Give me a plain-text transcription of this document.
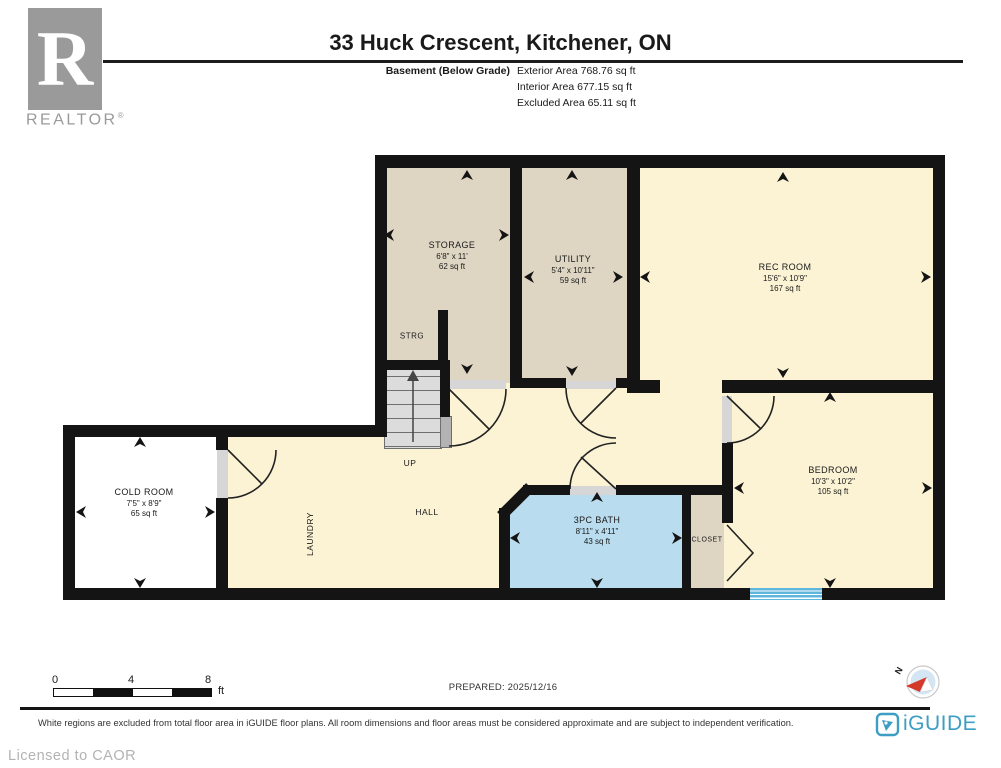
R
REALTOR®
33 Huck Crescent, Kitchener, ON
Basement (Below Grade) Exterior Area 768.76 sq ft
Interior Area 677.15 sq ft
Excluded Area 65.11 sq ft
N
STORAGE
6'8" x 11'
62 sq ft
UTILITY
5'4" x 10'11"
59 sq ft
REC ROOM
15'6" x 10'9"
167 sq ft
COLD ROOM
7'5" x 8'9"
65 sq ft
3PC BATH
8'11" x 4'11"
43 sq ft
BEDROOM
10'3" x 10'2"
105 sq ft
STRG
UP
HALL
LAUNDRY	CLOSET
0	4	8
ft	PREPARED: 2025/12/16
White regions are excluded from total floor area in iGUIDE floor plans. All room dimensions and floor areas must be considered approximate and are subject to independent verification.	iGUIDE
Licensed to CAOR
